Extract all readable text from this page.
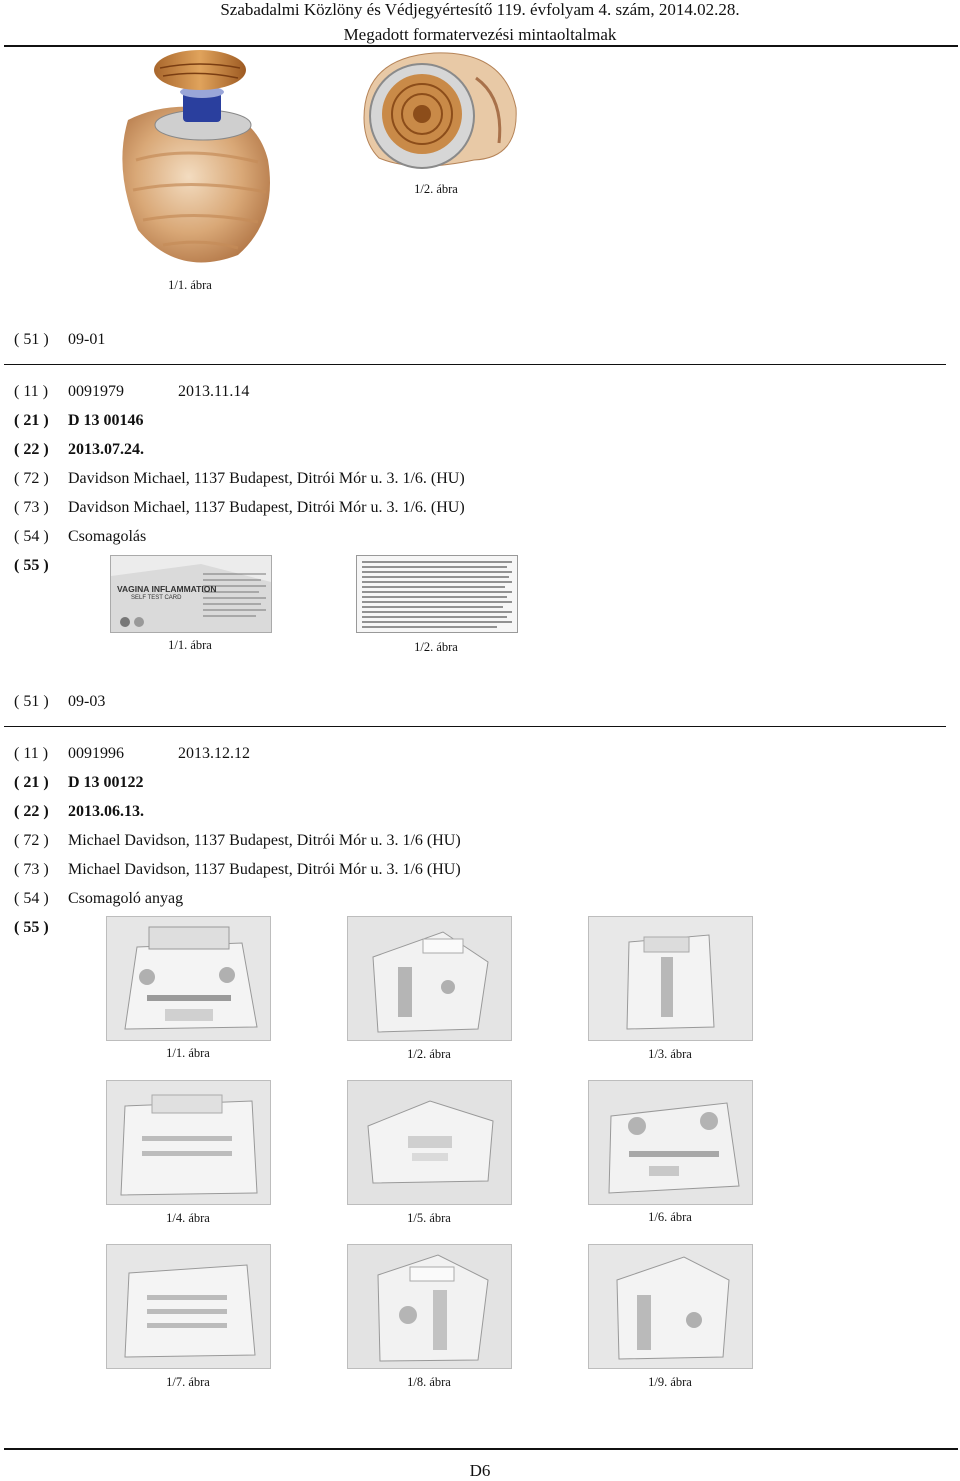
Szabadalmi Közlöny és Védjegyértesítő 119. évfolyam 4. szám, 2014.02.28.
Megadott formatervezési mintaoltalmak
1/2. ábra
1/1. ábra
( 51 ) 09-01
( 11 ) 0091979	2013.11.14
( 21 ) D 13 00146
( 22 ) 2013.07.24.
( 72 ) Davidson Michael, 1137 Budapest, Ditrói Mór u. 3. 1/6. (HU)
( 73 ) Davidson Michael, 1137 Budapest, Ditrói Mór u. 3. 1/6. (HU)
( 54 ) Csomagolás
( 55 )
VAGINA INFLAMMATION
SELF TEST CARD
1/1. ábra	1/2. ábra
( 51 ) 09-03
( 11 ) 0091996	2013.12.12
( 21 ) D 13 00122
( 22 ) 2013.06.13.
( 72 ) Michael Davidson, 1137 Budapest, Ditrói Mór u. 3. 1/6 (HU)
( 73 ) Michael Davidson, 1137 Budapest, Ditrói Mór u. 3. 1/6 (HU)
( 54 ) Csomagoló anyag
( 55 )
1/1. ábra	1/2. ábra	1/3. ábra
1/4. ábra	1/5. ábra	1/6. ábra
1/7. ábra	1/8. ábra	1/9. ábra
D6
